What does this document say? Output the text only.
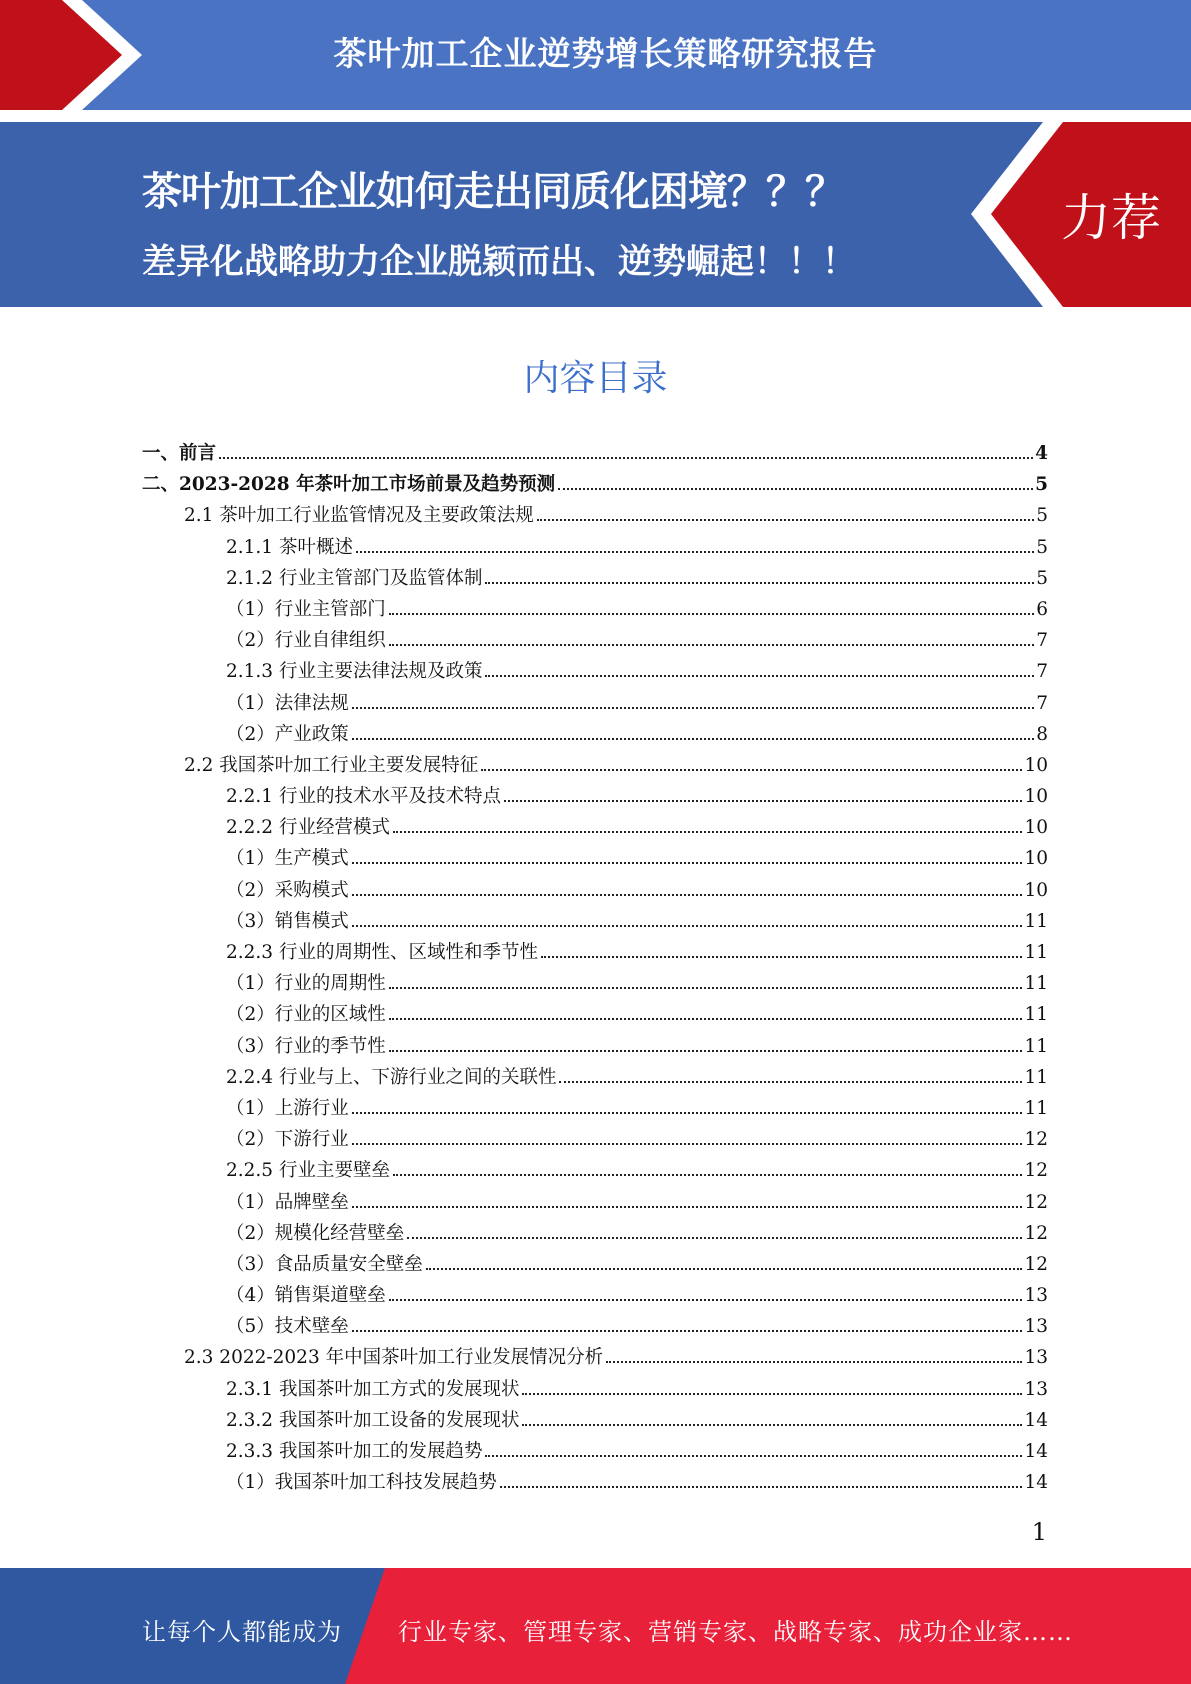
茶叶加工企业逆势增长策略研究报告
茶叶加工企业如何走出同质化困境？？？
差异化战略助力企业脱颖而出、逆势崛起！！！
力荐
内容目录
一、前言	4
二、2023-2028 年茶叶加工市场前景及趋势预测	5
2.1 茶叶加工行业监管情况及主要政策法规	5
2.1.1 茶叶概述	5
2.1.2 行业主管部门及监管体制	5
（1）行业主管部门	6
（2）行业自律组织	7
2.1.3 行业主要法律法规及政策	7
（1）法律法规	7
（2）产业政策	8
2.2 我国茶叶加工行业主要发展特征	10
2.2.1 行业的技术水平及技术特点	10
2.2.2 行业经营模式	10
（1）生产模式	10
（2）采购模式	10
（3）销售模式	11
2.2.3 行业的周期性、区域性和季节性	11
（1）行业的周期性	11
（2）行业的区域性	11
（3）行业的季节性	11
2.2.4 行业与上、下游行业之间的关联性	11
（1）上游行业	11
（2）下游行业	12
2.2.5 行业主要壁垒	12
（1）品牌壁垒	12
（2）规模化经营壁垒	12
（3）食品质量安全壁垒	12
（4）销售渠道壁垒	13
（5）技术壁垒	13
2.3 2022-2023 年中国茶叶加工行业发展情况分析	13
2.3.1 我国茶叶加工方式的发展现状	13
2.3.2 我国茶叶加工设备的发展现状	14
2.3.3 我国茶叶加工的发展趋势	14
（1）我国茶叶加工科技发展趋势	14
1
让每个人都能成为 行业专家、管理专家、营销专家、战略专家、成功企业家……
